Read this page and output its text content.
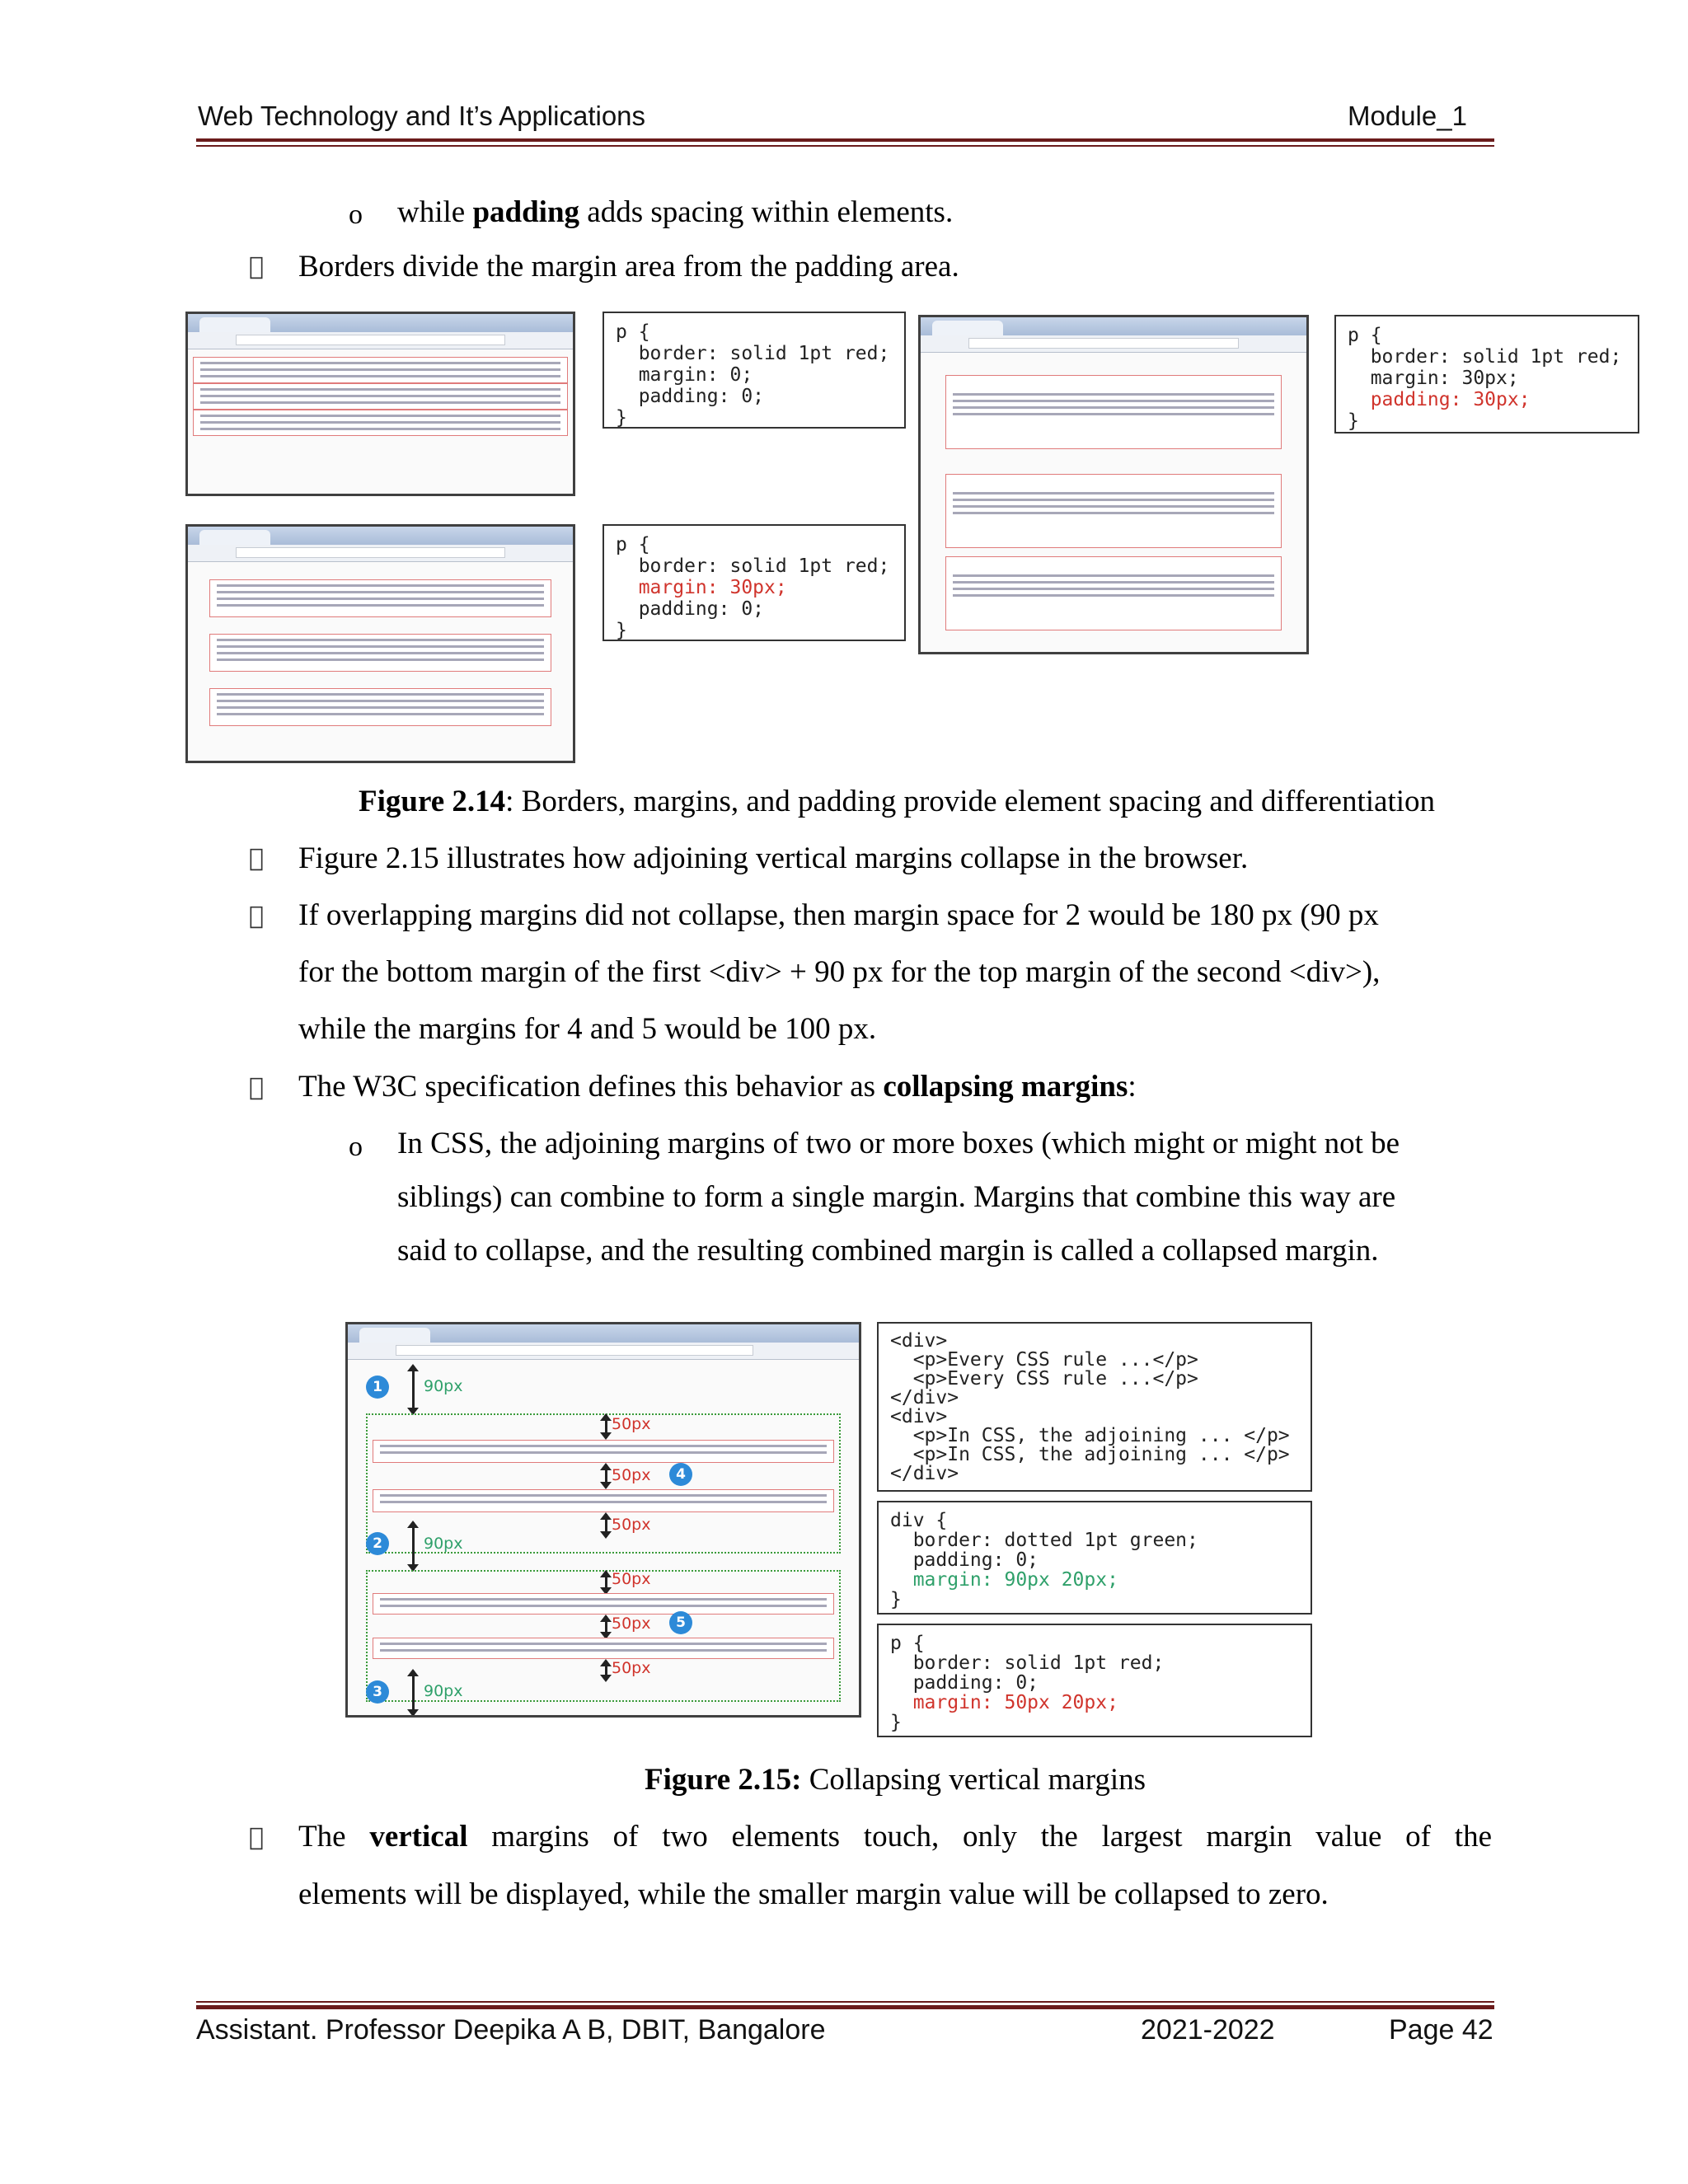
Web Technology and It’s Applications	Module_1
o while padding adds spacing within elements.
Borders divide the margin area from the padding area.
p {
border: solid 1pt red;
margin: 0;
padding: 0;
}
p {
border: solid 1pt red;
margin: 30px;
padding: 0;
}
p {
border: solid 1pt red;
margin: 30px;
padding: 30px;
}
Figure 2.14: Borders, margins, and padding provide element spacing and differentiation
Figure 2.15 illustrates how adjoining vertical margins collapse in the browser.
If overlapping margins did not collapse, then margin space for 2 would be 180 px (90 px
for the bottom margin of the first <div> + 90 px for the top margin of the second <div>),
while the margins for 4 and 5 would be 100 px.
The W3C specification defines this behavior as collapsing margins:
o In CSS, the adjoining margins of two or more boxes (which might or might not be
siblings) can combine to form a single margin. Margins that combine this way are
said to collapse, and the resulting combined margin is called a collapsed margin.
1	90px
50px
50px	4
50px
2	90px
50px
50px	5
50px
3	90px
<div>
<p>Every CSS rule ...</p>
<p>Every CSS rule ...</p>
</div>
<div>
<p>In CSS, the adjoining ... </p>
<p>In CSS, the adjoining ... </p>
</div>
div {
border: dotted 1pt green;
padding: 0;
margin: 90px 20px;
}
p {
border: solid 1pt red;
padding: 0;
margin: 50px 20px;
}
Figure 2.15: Collapsing vertical margins
The vertical margins of two elements touch, only the largest margin value of the
elements will be displayed, while the smaller margin value will be collapsed to zero.
Assistant. Professor Deepika A B, DBIT, Bangalore	2021-2022	Page 42
